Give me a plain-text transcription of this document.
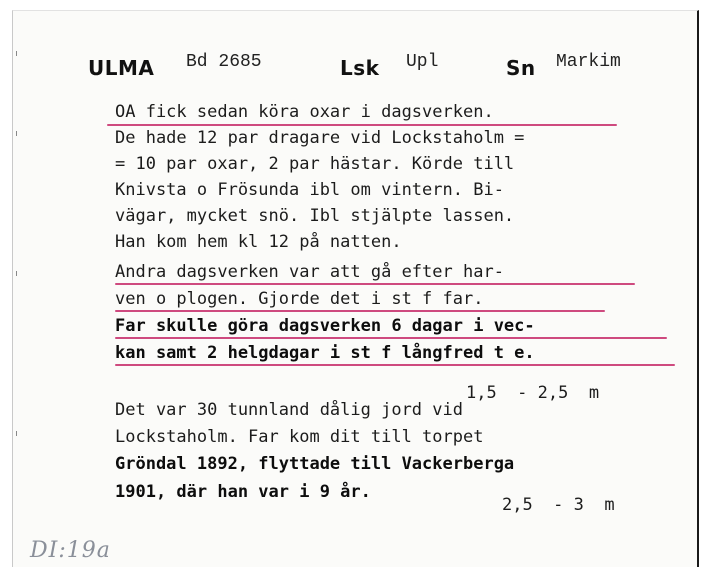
ULMA Bd 2685	Lsk Upl	Sn Markim
OA fick sedan köra oxar i dagsverken.
De hade 12 par dragare vid Lockstaholm =
= 10 par oxar, 2 par hästar. Körde till
Knivsta o Frösunda ibl om vintern. Bi-
vägar, mycket snö. Ibl stjälpte lassen.
Han kom hem kl 12 på natten.
Andra dagsverken var att gå efter har-
ven o plogen. Gjorde det i st f far.
Far skulle göra dagsverken 6 dagar i vec-
kan samt 2 helgdagar i st f långfred t e.
Det var 30 tunnland dålig jord vid
Lockstaholm. Far kom dit till torpet
Gröndal 1892, flyttade till Vackerberga
1901, där han var i 9 år.
1,5  - 2,5  m
2,5  - 3  m
DI:19a
